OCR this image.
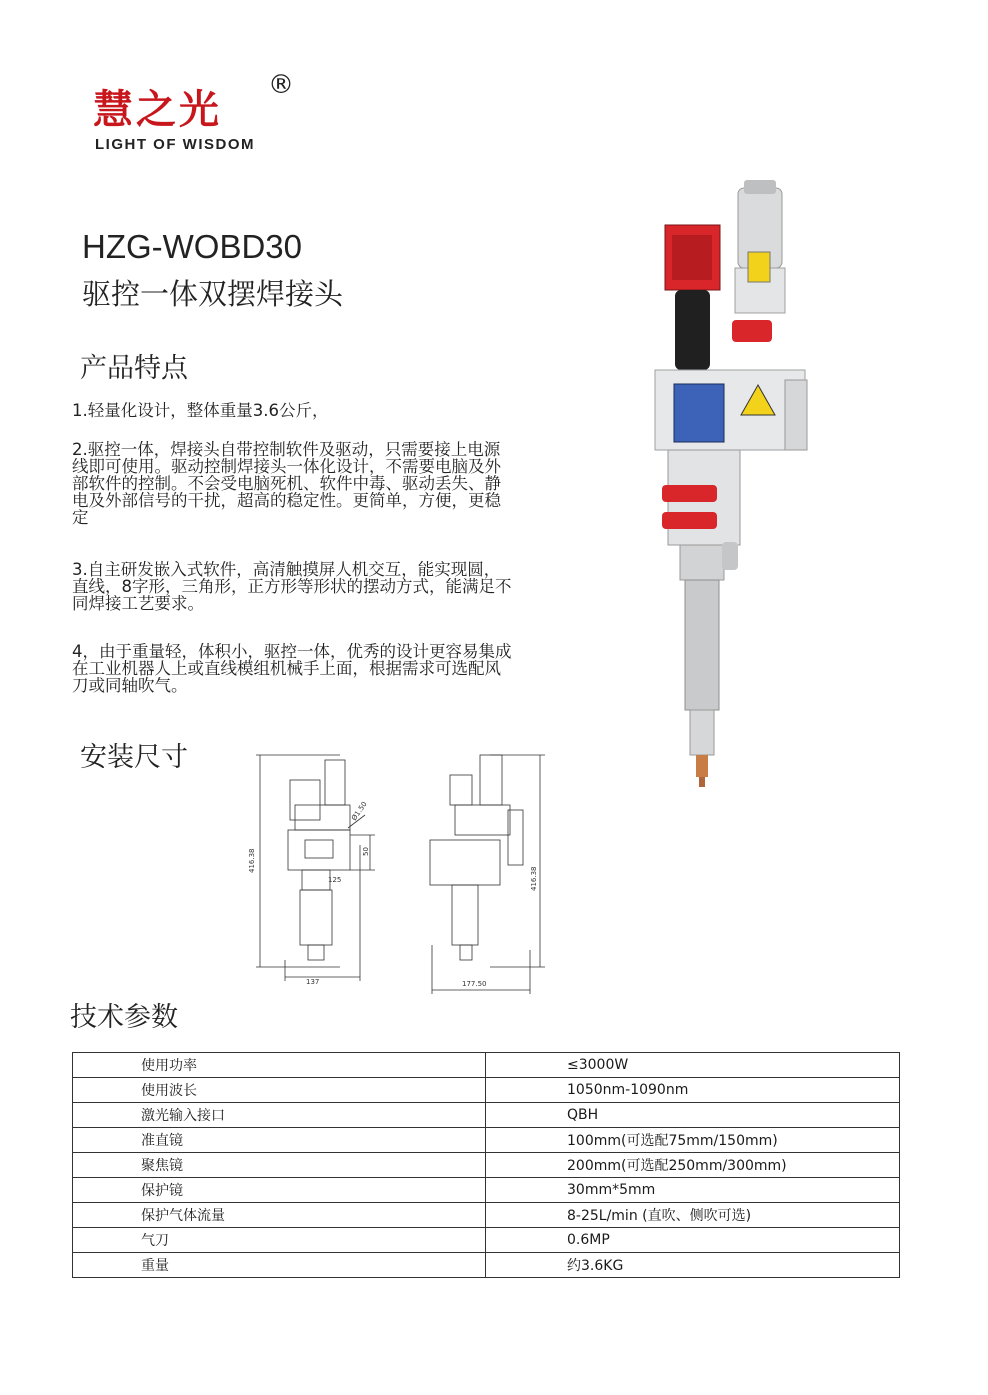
慧之光
®
LIGHT OF WISDOM
HZG-WOBD30
驱控一体双摆焊接头
产品特点
1.轻量化设计，整体重量3.6公斤，
2.驱控一体，焊接头自带控制软件及驱动，只需要接上电源线即可使用。驱动控制焊接头一体化设计，不需要电脑及外部软件的控制。不会受电脑死机、软件中毒、驱动丢失、静电及外部信号的干扰，超高的稳定性。更简单，方便，更稳定
3.自主研发嵌入式软件，高清触摸屏人机交互，能实现圆，直线，8字形，三角形，正方形等形状的摆动方式，能满足不同焊接工艺要求。
4，由于重量轻，体积小，驱控一体，优秀的设计更容易集成在工业机器人上或直线模组机械手上面，根据需求可选配风刀或同轴吹气。
安装尺寸
416.38
137
125
50
Ø1.50
416.38
177.50
技术参数
使用功率	≤3000W
使用波长	1050nm-1090nm
激光输入接口	QBH
准直镜	100mm(可选配75mm/150mm)
聚焦镜	200mm(可选配250mm/300mm)
保护镜	30mm*5mm
保护气体流量	8-25L/min (直吹、侧吹可选)
气刀	0.6MP
重量	约3.6KG
